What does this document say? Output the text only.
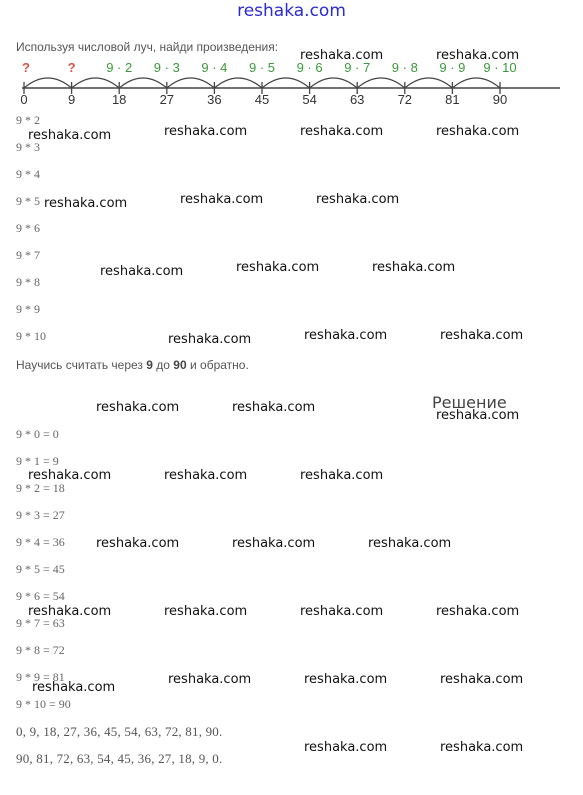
reshaka.com
Используя числовой луч, найди произведения:
0	9	18	27	36	45	54	63	72	81	90
?	? 9 · 2 9 · 3 9 · 4 9 · 5 9 · 6 9 · 7 9 · 8 9 · 9 9 · 10
9 * 2
9 * 3
9 * 4
9 * 5
9 * 6
9 * 7
9 * 8
9 * 9
9 * 10
Научись считать через 9 до 90 и обратно.
Решение
9 * 0 = 0
9 * 1 = 9
9 * 2 = 18
9 * 3 = 27
9 * 4 = 36
9 * 5 = 45
9 * 6 = 54
9 * 7 = 63
9 * 8 = 72
9 * 9 = 81
9 * 10 = 90
0, 9, 18, 27, 36, 45, 54, 63, 72, 81, 90.
90, 81, 72, 63, 54, 45, 36, 27, 18, 9, 0.
reshaka.com	reshaka.com
reshaka.com	reshaka.com	reshaka.com	reshaka.com
reshaka.com	reshaka.com	reshaka.com
reshaka.com	reshaka.com	reshaka.com
reshaka.com	reshaka.com	reshaka.com
reshaka.com	reshaka.com
reshaka.com
reshaka.com	reshaka.com	reshaka.com
reshaka.com	reshaka.com	reshaka.com
reshaka.com	reshaka.com	reshaka.com	reshaka.com
reshaka.com
reshaka.com	reshaka.com	reshaka.com
reshaka.com	reshaka.com
